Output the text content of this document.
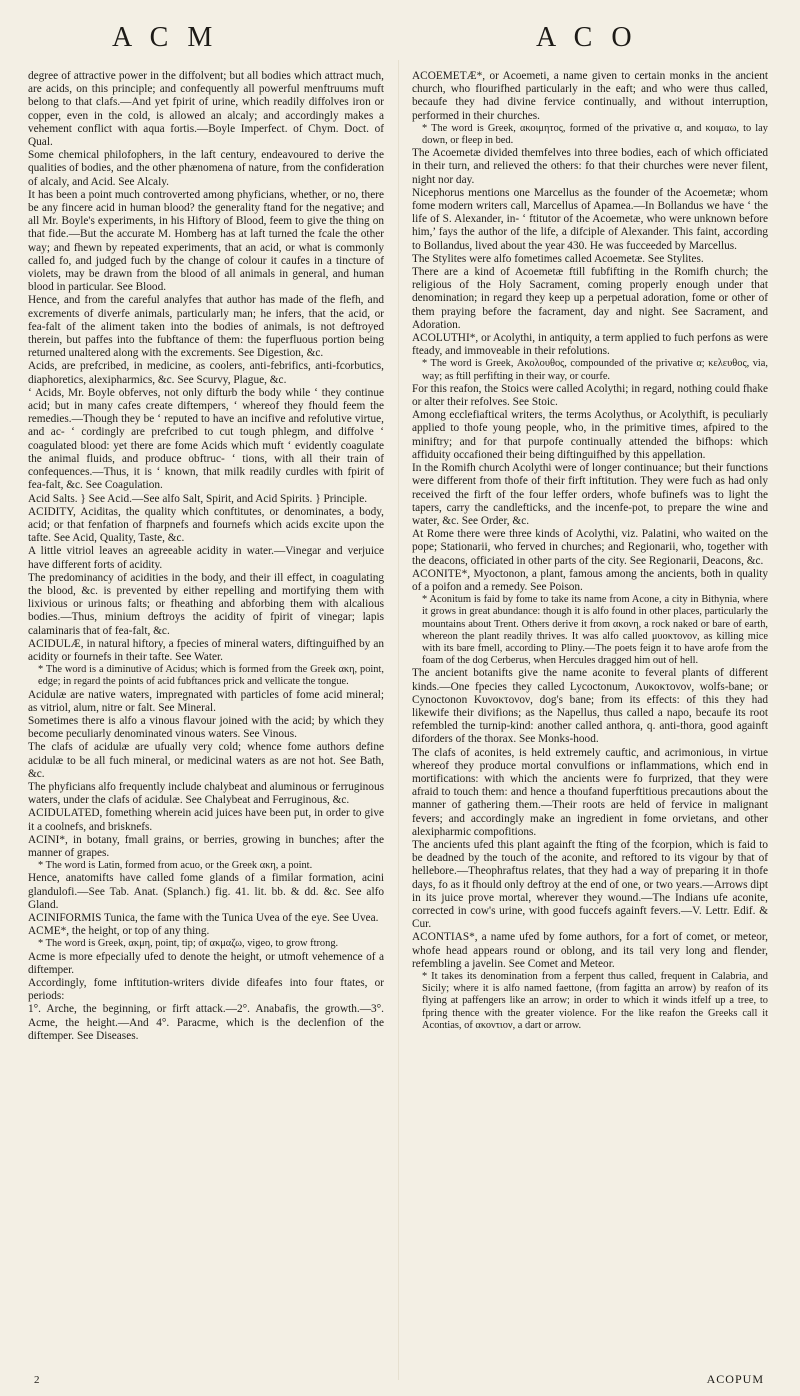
A C M	A C O

degree of attractive power in the diffolvent; but all bodies which attract much, are acids, on this principle; and confequently all powerful menftruums muft belong to that clafs.—And yet fpirit of urine, which readily diffolves iron or copper, even in the cold, is allowed an alcaly; and accordingly makes a vehement conflict with aqua fortis.—Boyle Imperfect. of Chym. Doct. of Qual.

Some chemical philofophers, in the laft century, endeavoured to derive the qualities of bodies, and the other phænomena of nature, from the confideration of alcaly, and Acid. See Alcaly.

It has been a point much controverted among phyficians, whether, or no, there be any fincere acid in human blood? the generality ftand for the negative; and all Mr. Boyle's experiments, in his Hiftory of Blood, feem to give the thing on that fide.—But the accurate M. Homberg has at laft turned the fcale the other way; and fhewn by repeated experiments, that an acid, or what is commonly called fo, and judged fuch by the change of colour it caufes in a tincture of violets, may be drawn from the blood of all animals in general, and human blood in particular. See Blood.

Hence, and from the careful analyfes that author has made of the flefh, and excrements of diverfe animals, particularly man; he infers, that the acid, or fea-falt of the aliment taken into the bodies of animals, is not deftroyed therein, but paffes into the fubftance of them: the fuperfluous portion being returned unaltered along with the excrements. See Digestion, &c.

Acids, are prefcribed, in medicine, as coolers, anti-febrifics, anti-fcorbutics, diaphoretics, alexipharmics, &c. See Scurvy, Plague, &c.

‘ Acids, Mr. Boyle obferves, not only difturb the body while ‘ they continue acid; but in many cafes create diftempers, ‘ whereof they fhould feem the remedies.—Though they be ‘ reputed to have an incifive and refolutive virtue, and ac- ‘ cordingly are prefcribed to cut tough phlegm, and diffolve ‘ coagulated blood: yet there are fome Acids which muft ‘ evidently coagulate the animal fluids, and produce obftruc- ‘ tions, with all their train of confequences.—Thus, it is ‘ known, that milk readily curdles with fpirit of fea-falt, &c. See Coagulation.

Acid Salts. } See Acid.—See alfo Salt, Spirit, and Acid Spirits. } Principle.

ACIDITY, Aciditas, the quality which conftitutes, or denominates, a body, acid; or that fenfation of fharpnefs and fournefs which acids excite upon the tafte. See Acid, Quality, Taste, &c.

A little vitriol leaves an agreeable acidity in water.—Vinegar and verjuice have different forts of acidity.

The predominancy of acidities in the body, and their ill effect, in coagulating the blood, &c. is prevented by either repelling and mortifying them with lixivious or urinous falts; or fheathing and abforbing them with alcalious bodies.—Thus, minium deftroys the acidity of fpirit of vinegar; lapis calaminaris that of fea-falt, &c.

ACIDULÆ, in natural hiftory, a fpecies of mineral waters, diftinguifhed by an acidity or fournefs in their tafte. See Water.

* The word is a diminutive of Acidus; which is formed from the Greek ακη, point, edge; in regard the points of acid fubftances prick and vellicate the tongue.

Acidulæ are native waters, impregnated with particles of fome acid mineral; as vitriol, alum, nitre or falt. See Mineral.

Sometimes there is alfo a vinous flavour joined with the acid; by which they become peculiarly denominated vinous waters. See Vinous.

The clafs of acidulæ are ufually very cold; whence fome authors define acidulæ to be all fuch mineral, or medicinal waters as are not hot. See Bath, &c.

The phyficians alfo frequently include chalybeat and aluminous or ferruginous waters, under the clafs of acidulæ. See Chalybeat and Ferruginous, &c.

ACIDULATED, fomething wherein acid juices have been put, in order to give it a coolnefs, and brisknefs.

ACINI*, in botany, fmall grains, or berries, growing in bunches; after the manner of grapes.

* The word is Latin, formed from acuo, or the Greek ακη, a point.

Hence, anatomifts have called fome glands of a fimilar formation, acini glandulofi.—See Tab. Anat. (Splanch.) fig. 41. lit. bb. & dd. &c. See alfo Gland.

ACINIFORMIS Tunica, the fame with the Tunica Uvea of the eye. See Uvea.

ACME*, the height, or top of any thing.

* The word is Greek, ακμη, point, tip; of ακμαζω, vigeo, to grow ftrong.

Acme is more efpecially ufed to denote the height, or utmoft vehemence of a diftemper.

Accordingly, fome inftitution-writers divide difeafes into four ftates, or periods:

1°. Arche, the beginning, or firft attack.—2°. Anabafis, the growth.—3°. Acme, the height.—And 4°. Paracme, which is the declenfion of the diftemper. See Diseases.

ACOEMETÆ*, or Acoemeti, a name given to certain monks in the ancient church, who flourifhed particularly in the eaft; and who were thus called, becaufe they had divine fervice continually, and without interruption, performed in their churches.

* The word is Greek, ακοιμητος, formed of the privative α, and κοιμαω, to lay down, or fleep in bed.

The Acoemetæ divided themfelves into three bodies, each of which officiated in their turn, and relieved the others: fo that their churches were never filent, night nor day.

Nicephorus mentions one Marcellus as the founder of the Acoemetæ; whom fome modern writers call, Marcellus of Apamea.—In Bollandus we have ‘ the life of S. Alexander, in- ‘ ftitutor of the Acoemetæ, who were unknown before him,’ fays the author of the life, a difciple of Alexander. This faint, according to Bollandus, lived about the year 430. He was fucceeded by Marcellus.

The Stylites were alfo fometimes called Acoemetæ. See Stylites.

There are a kind of Acoemetæ ftill fubfifting in the Romifh church; the religious of the Holy Sacrament, coming properly enough under that denomination; in regard they keep up a perpetual adoration, fome or other of them praying before the facrament, day and night. See Sacrament, and Adoration.

ACOLUTHI*, or Acolythi, in antiquity, a term applied to fuch perfons as were fteady, and immoveable in their refolutions.

* The word is Greek, Ακολουθος, compounded of the privative α; κελευθος, via, way; as ftill perfifting in their way, or courfe.

For this reafon, the Stoics were called Acolythi; in regard, nothing could fhake or alter their refolves. See Stoic.

Among ecclefiaftical writers, the terms Acolythus, or Acolythift, is peculiarly applied to thofe young people, who, in the primitive times, afpired to the miniftry; and for that purpofe continually attended the bifhops: which affiduity occafioned their being diftinguifhed by this appellation.

In the Romifh church Acolythi were of longer continuance; but their functions were different from thofe of their firft inftitution. They were fuch as had only received the firft of the four leffer orders, whofe bufinefs was to light the tapers, carry the candlefticks, and the incenfe-pot, to prepare the wine and water, &c. See Order, &c.

At Rome there were three kinds of Acolythi, viz. Palatini, who waited on the pope; Stationarii, who ferved in churches; and Regionarii, who, together with the deacons, officiated in other parts of the city. See Regionarii, Deacons, &c.

ACONITE*, Myoctonon, a plant, famous among the ancients, both in quality of a poifon and a remedy. See Poison.

* Aconitum is faid by fome to take its name from Acone, a city in Bithynia, where it grows in great abundance: though it is alfo found in other places, particularly the mountains about Trent. Others derive it from ακονη, a rock naked or bare of earth, whereon the plant readily thrives. It was alfo called μυοκτονον, as killing mice with its bare fmell, according to Pliny.—The poets feign it to have arofe from the foam of the dog Cerberus, when Hercules dragged him out of hell.

The ancient botanifts give the name aconite to feveral plants of different kinds.—One fpecies they called Lycoctonum, Λυκοκτονον, wolfs-bane; or Cynoctonon Κυνοκτονον, dog's bane; from its effects: of this they had likewife their divifions; as the Napellus, thus called a napo, becaufe its root refembled the turnip-kind: another called anthora, q. anti-thora, good againft diforders of the thorax. See Monks-hood.

The clafs of aconites, is held extremely cauftic, and acrimonious, in virtue whereof they produce mortal convulfions or inflammations, which end in mortifications: with which the ancients were fo furprized, that they were afraid to touch them: and hence a thoufand fuperftitious precautions about the manner of gathering them.—Their roots are held of fervice in malignant fevers; and accordingly make an ingredient in fome orvietans, and other alexipharmic compofitions.

The ancients ufed this plant againft the fting of the fcorpion, which is faid to be deadned by the touch of the aconite, and reftored to its vigour by that of hellebore.—Theophraftus relates, that they had a way of preparing it in thofe days, fo as it fhould only deftroy at the end of one, or two years.—Arrows dipt in its juice prove mortal, wherever they wound.—The Indians ufe aconite, corrected in cow's urine, with good fuccefs againft fevers.—V. Lettr. Edif. & Cur.

ACONTIAS*, a name ufed by fome authors, for a fort of comet, or meteor, whofe head appears round or oblong, and its tail very long and flender, refembling a javelin. See Comet and Meteor.

* It takes its denomination from a ferpent thus called, frequent in Calabria, and Sicily; where it is alfo named faettone, (from fagitta an arrow) by reafon of its flying at paffengers like an arrow; in order to which it winds itfelf up a tree, to fpring thence with the greater violence. For the like reafon the Greeks call it Acontias, of ακοντιον, a dart or arrow.

2	ACOPUM
